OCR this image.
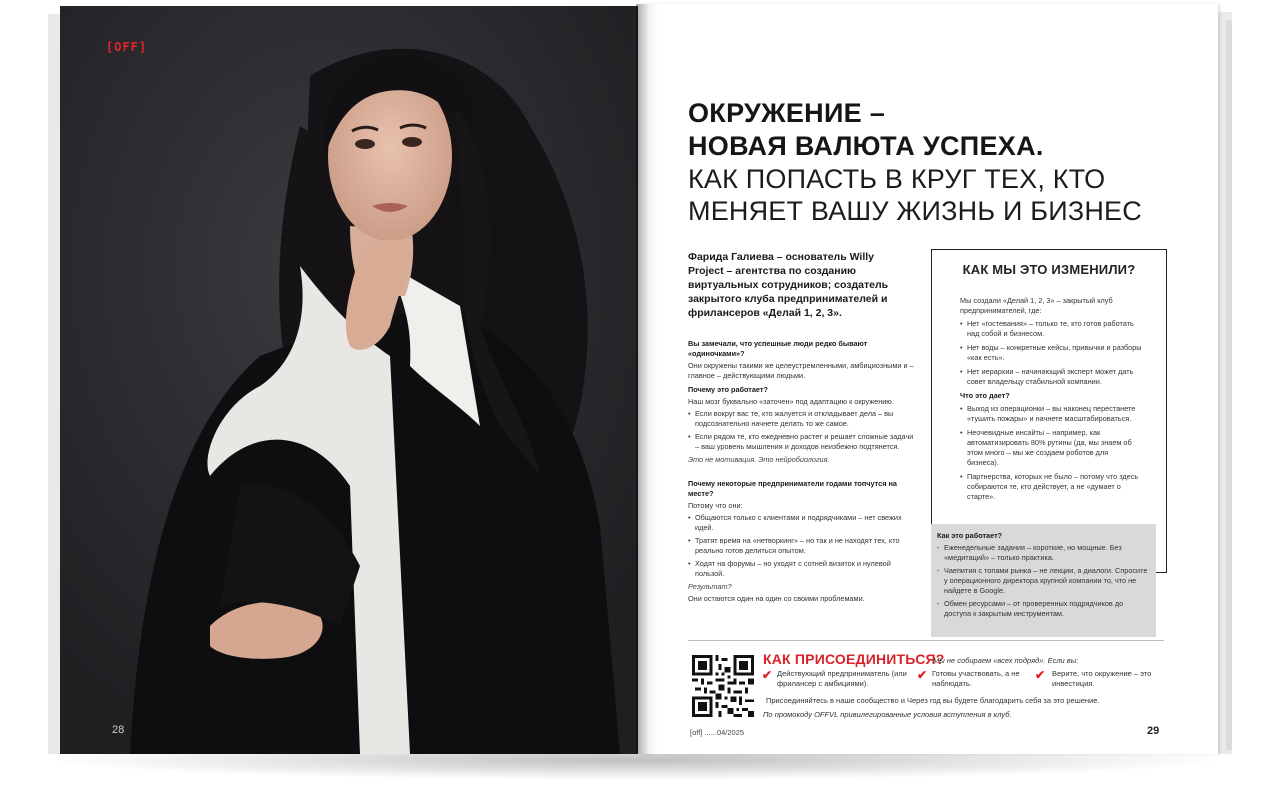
[OFF]
28
ОКРУЖЕНИЕ –
НОВАЯ ВАЛЮТА УСПЕХА.
КАК ПОПАСТЬ В КРУГ ТЕХ, КТО
МЕНЯЕТ ВАШУ ЖИЗНЬ И БИЗНЕС
Фарида Галиева – основатель Willy Project – агентства по созданию виртуальных сотрудников; создатель закрытого клуба предпринимателей и фрилансеров «Делай 1, 2, 3».
Вы замечали, что успешные люди редко бывают «одиночками»?
Они окружены такими же целеустремленными, амбициозными и – главное – действующими людьми.
Почему это работает?
Наш мозг буквально «заточен» под адаптацию к окружению.
• Если вокруг вас те, кто жалуется и откладывает дела – вы подсознательно начнете делать то же самое.
• Если рядом те, кто ежедневно растет и решает сложные задачи – ваш уровень мышления и доходов неизбежно подтянется.
Это не мотивация. Это нейробиология.
Почему некоторые предприниматели годами топчутся на месте?
Потому что они:
• Общаются только с клиентами и подрядчиками – нет свежих идей.
• Тратят время на «нетворкинг» – но так и не находят тех, кто реально готов делиться опытом.
• Ходят на форумы – но уходят с сотней визиток и нулевой пользой.
Результат?
Они остаются один на один со своими проблемами.
КАК МЫ ЭТО ИЗМЕНИЛИ?
Мы создали «Делай 1, 2, 3» – закрытый клуб предпринимателей, где:
• Нет «гостевания» – только те, кто готов работать над собой и бизнесом.
• Нет воды – конкретные кейсы, привычки и разборы «как есть».
• Нет иерархии – начинающий эксперт может дать совет владельцу стабильной компании.
Что это дает?
• Выход из операционки – вы наконец перестанете «тушить пожары» и начнете масштабироваться.
• Неочевидные инсайты – например, как автоматизировать 80% рутины (да, мы знаем об этом много – мы же создаем роботов для бизнеса).
• Партнерства, которых не было – потому что здесь собираются те, кто действует, а не «думает о старте».
Как это работает?
- Еженедельные задания – короткие, но мощные. Без «медитаций» – только практика.
- Чаепития с топами рынка – не лекции, а диалоги. Спросите у операционного директора крупной компании то, что не найдете в Google.
- Обмен ресурсами – от проверенных подрядчиков до доступа к закрытым инструментам.
КАК ПРИСОЕДИНИТЬСЯ?
Мы не собираем «всех подряд». Если вы:
✔ Действующий предприниматель (или фрилансер с амбициями).
✔ Готовы участвовать, а не наблюдать.
✔ Верите, что окружение – это инвестиция.
Присоединяйтесь в наше сообщество и Через год вы будете благодарить себя за это решение.
По промокоду OFFVL привилегированные условия вступления в клуб.
[off] ......04/2025	29
